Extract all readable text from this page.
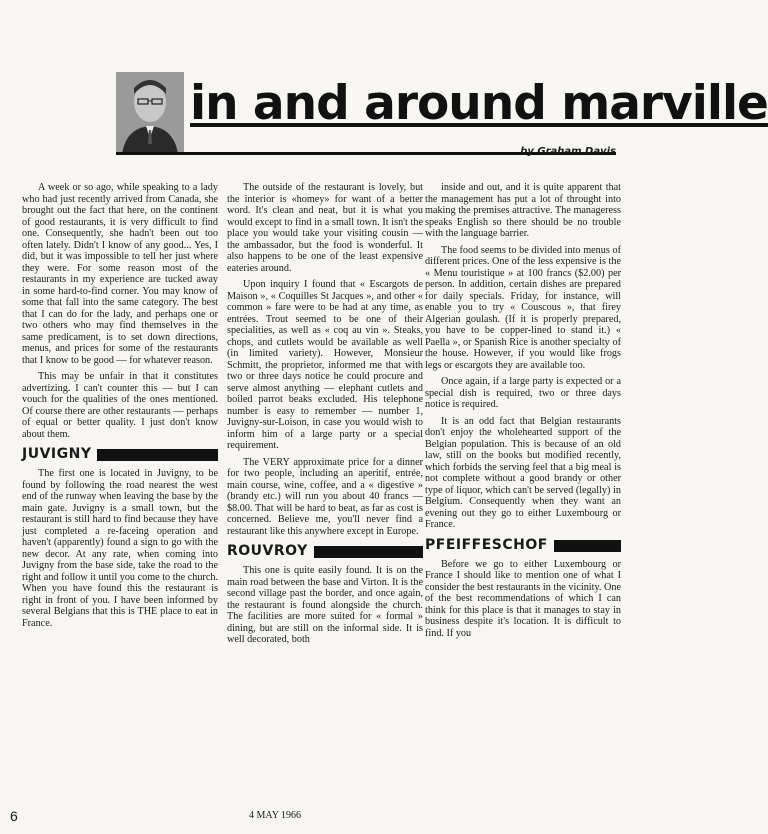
in and around marville
by Graham Davis

A week or so ago, while speaking to a lady who had just recently arrived from Canada, she brought out the fact that here, on the continent of good restaurants, it is very difficult to find one. Consequently, she hadn't been out too often lately. Didn't I know of any good... Yes, I did, but it was impossible to tell her just where they were. For some reason most of the restaurants in my experience are tucked away in some hard-to-find corner. You may know of some that fall into the same category. The best that I can do for the lady, and perhaps one or two others who may find themselves in the same predicament, is to set down directions, menus, and prices for some of the restaurants that I know to be good — for whatever reason.

This may be unfair in that it constitutes advertizing. I can't counter this — but I can vouch for the qualities of the ones mentioned. Of course there are other restaurants — perhaps of equal or better quality. I just don't know about them.

JUVIGNY

The first one is located in Juvigny, to be found by following the road nearest the west end of the runway when leaving the base by the main gate. Juvigny is a small town, but the restaurant is still hard to find because they have just completed a re-faceing operation and haven't (apparently) found a sign to go with the new decor. At any rate, when coming into Juvigny from the base side, take the road to the right and follow it until you come to the church. When you have found this the restaurant is right in front of you. I have been informed by several Belgians that this is THE place to eat in France.

The outside of the restaurant is lovely, but the interior is «homey» for want of a better word. It's clean and neat, but it is what you would except to find in a small town. It isn't the place you would take your visiting cousin — the ambassador, but the food is wonderful. It also happens to be one of the least expensive eateries around.

Upon inquiry I found that « Escargots de Maison », « Coquilles St Jacques », and other « common » fare were to be had at any time, as entrées. Trout seemed to be one of their specialities, as well as « coq au vin ». Steaks, chops, and cutlets would be available as well (in limited variety). However, Monsieur Schmitt, the proprietor, informed me that with two or three days notice he could procure and serve almost anything — elephant cutlets and boiled parrot beaks excluded. His telephone number is easy to remember — number 1, Juvigny-sur-Loison, in case you would wish to inform him of a large party or a special requirement.

The VERY approximate price for a dinner for two people, including an aperitif, entrée, main course, wine, coffee, and a « digestive » (brandy etc.) will run you about 40 francs — $8.00. That will be hard to beat, as far as cost is concerned. Believe me, you'll never find a restaurant like this anywhere except in Europe.

ROUVROY

This one is quite easily found. It is on the main road between the base and Virton. It is the second village past the border, and once again, the restaurant is found alongside the church. The facilities are more suited for « formal » dining, but are still on the informal side. It is well decorated, both

inside and out, and it is quite apparent that the management has put a lot of throught into making the premises attractive. The manageress speaks English so there should be no trouble with the language barrier.

The food seems to be divided into menus of different prices. One of the less expensive is the « Menu touristique » at 100 francs ($2.00) per person. In addition, certain dishes are prepared for daily specials. Friday, for instance, will enable you to try « Couscous », that firey Algerian goulash. (If it is properly prepared, you have to be copper-lined to stand it.) « Paella », or Spanish Rice is another specialty of the house. However, if you would like frogs legs or escargots they are available too.

Once again, if a large party is expected or a special dish is required, two or three days notice is required.

It is an odd fact that Belgian restaurants don't enjoy the wholehearted support of the Belgian population. This is because of an old law, still on the books but modified recently, which forbids the serving feel that a big meal is not complete without a good brandy or other type of liquor, which can't be served (legally) in Belgium. Consequently when they want an evening out they go to either Luxembourg or France.

PFEIFFESCHOF

Before we go to either Luxembourg or France I should like to mention one of what I consider the best restaurants in the vicinity. One of the best recommendations of which I can think for this place is that it manages to stay in business despite it's location. It is difficult to find. If you

6	4 MAY 1966
